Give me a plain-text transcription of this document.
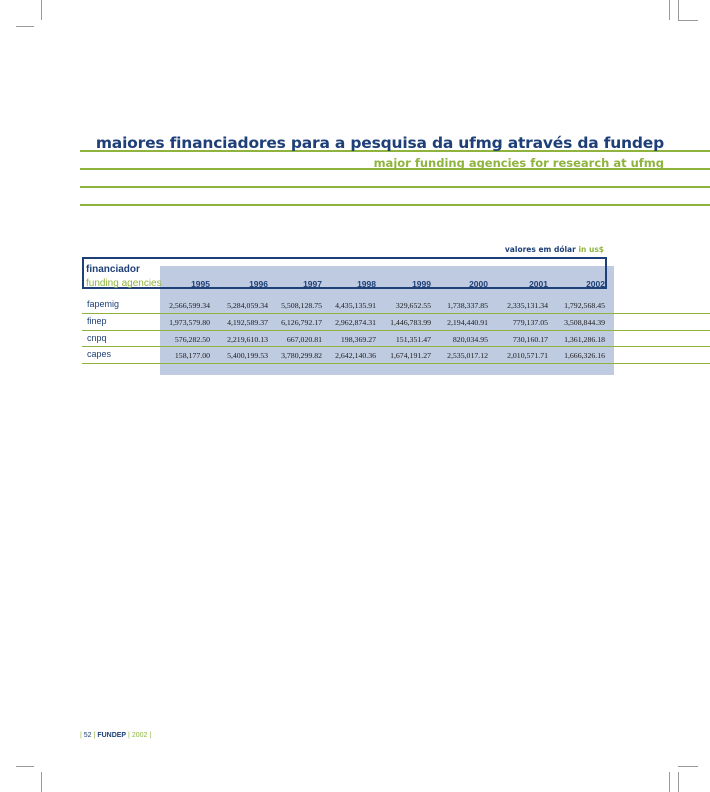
maiores financiadores para a pesquisa da ufmg através da fundep
major funding agencies for research at ufmg
valores em dólar in us$
financiador
funding agencies	1995	1996	1997	1998	1999	2000	2001	2002
fapemig	2,566,599.34	5,284,059.34	5,508,128.75	4,435,135.91	329,652.55	1,738,337.85	2,335,131.34	1,792,568.45
finep	1,973,579.80	4,192,589.37	6,126,792.17	2,962,874.31	1,446,783.99	2,194,440.91	779,137.05	3,508,844.39
cnpq	576,282.50	2,219,610.13	667,020.81	198,369.27	151,351.47	820,034.95	730,160.17	1,361,286.18
capes	158,177.00	5,400,199.53	3,780,299.82	2,642,140.36	1,674,191.27	2,535,017.12	2,010,571.71	1,666,326.16
| 52 | FUNDEP | 2002 |
